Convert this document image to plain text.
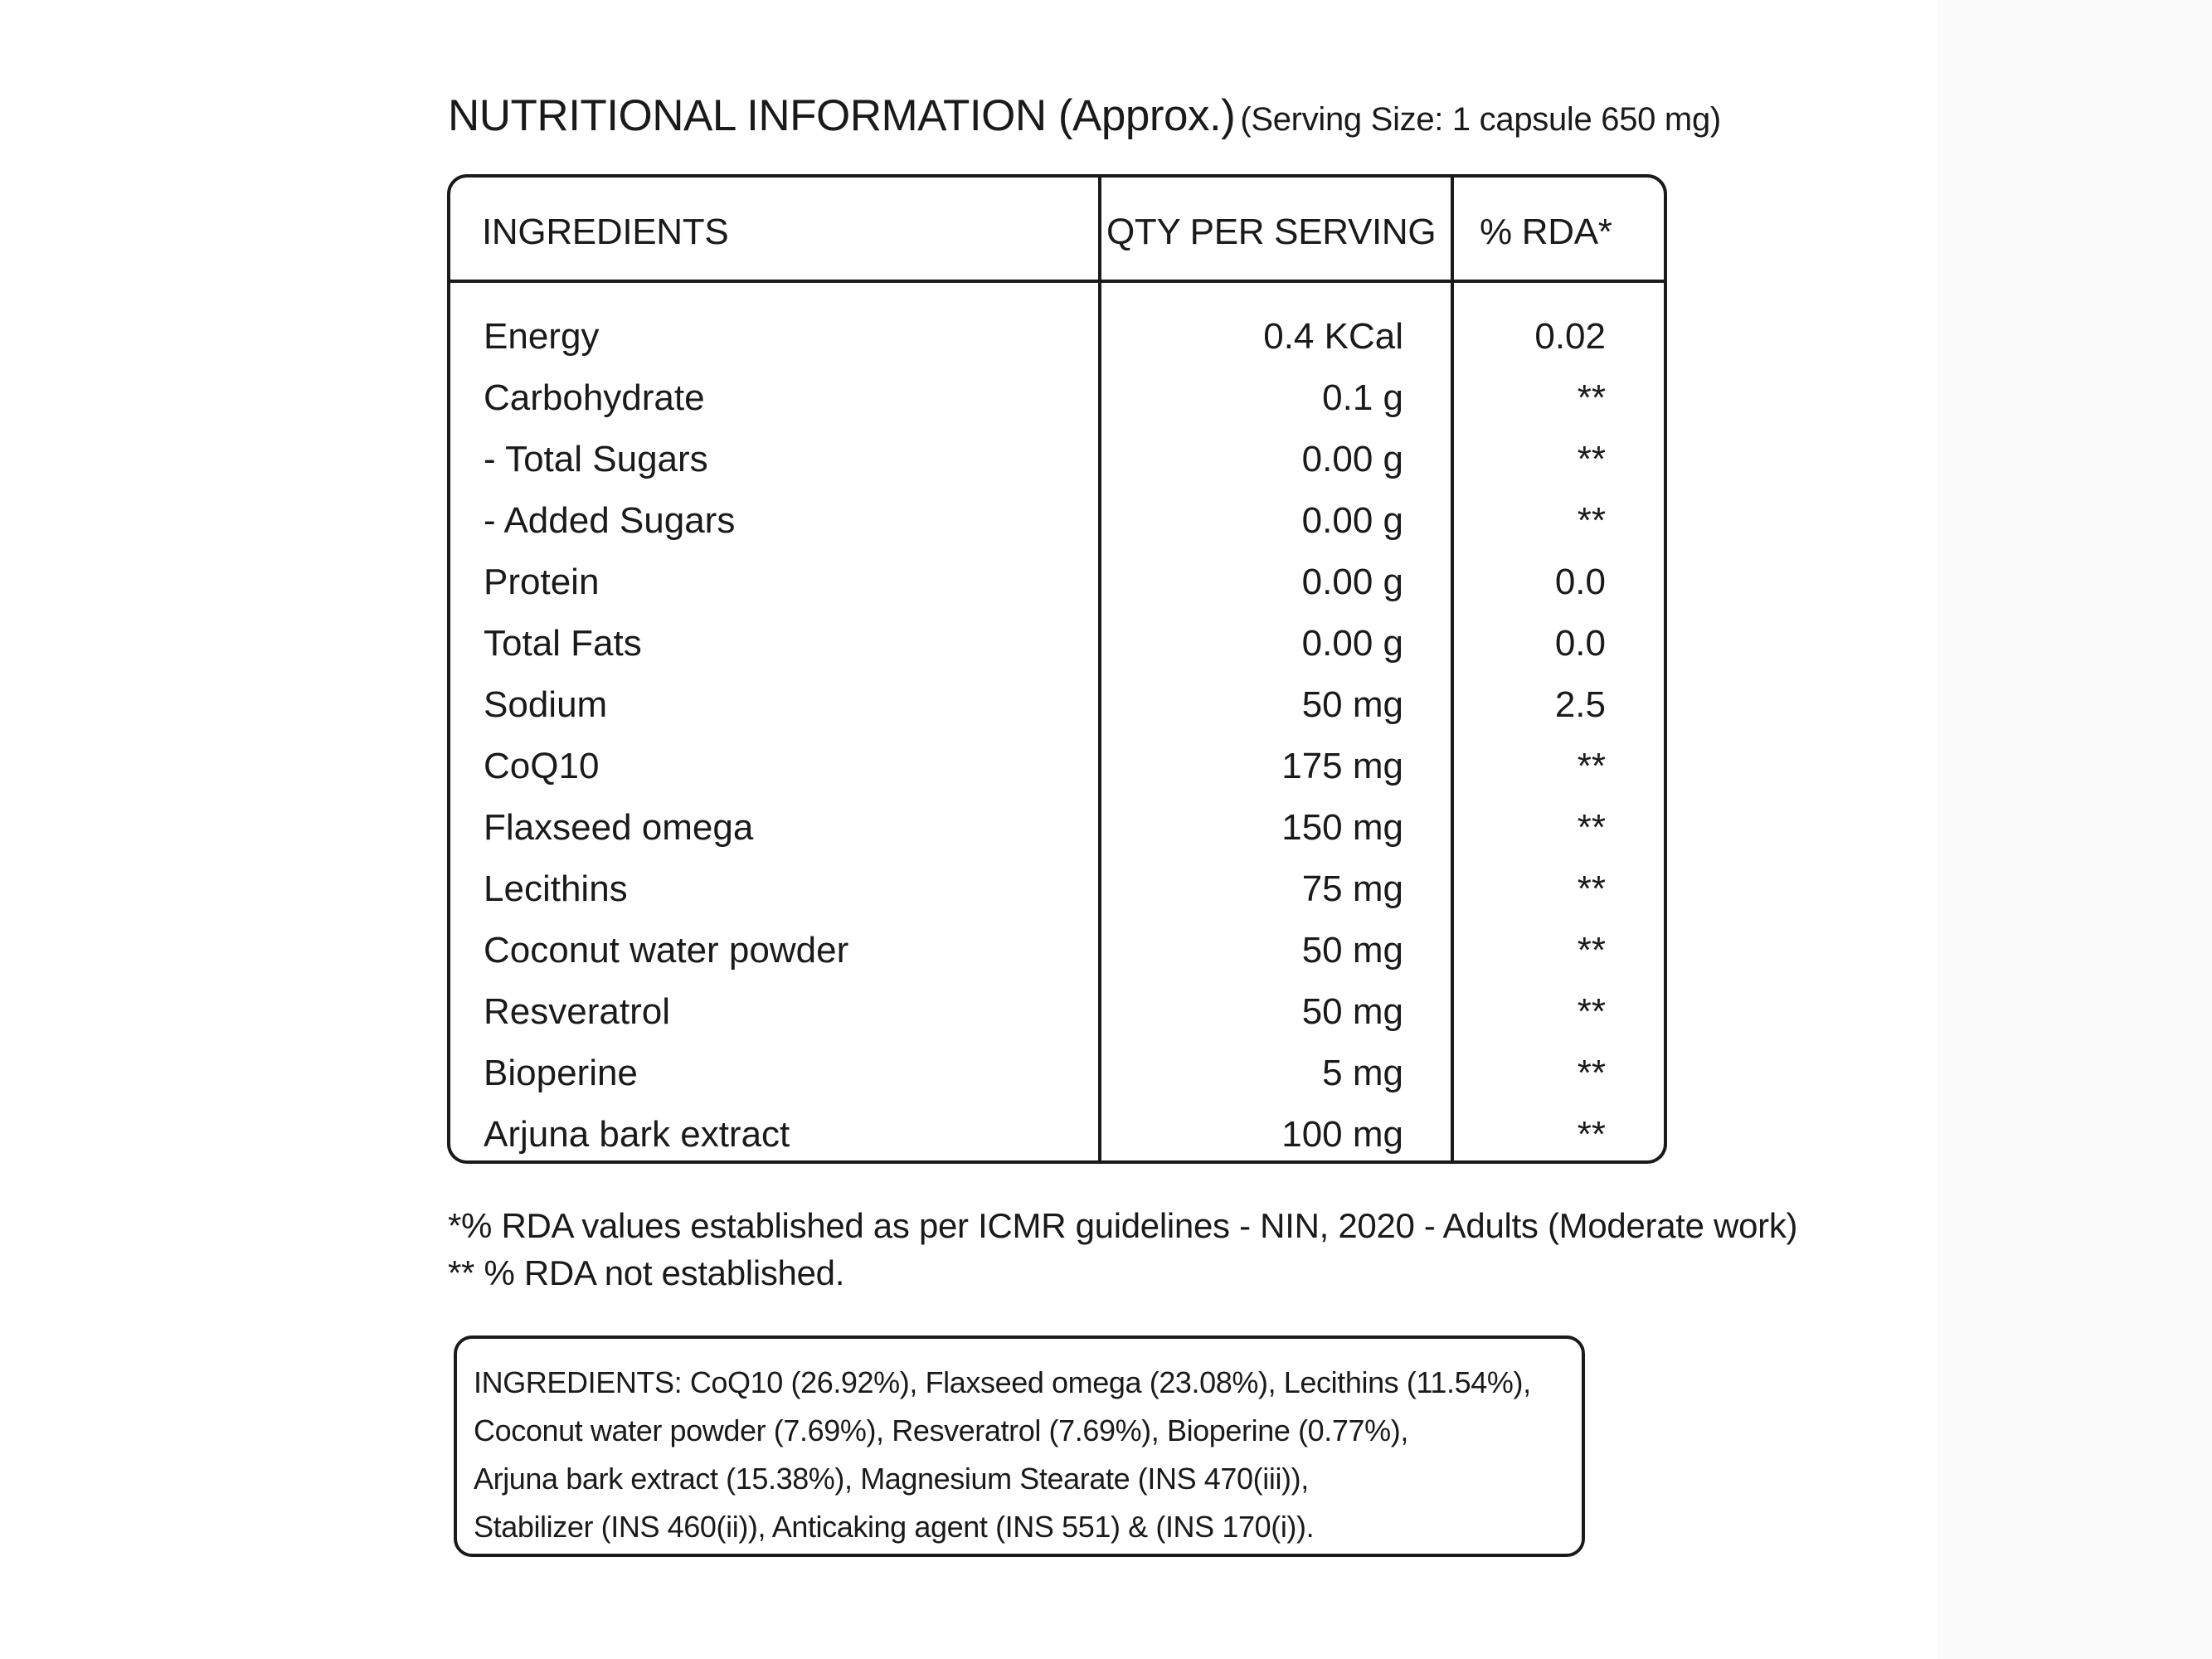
NUTRITIONAL INFORMATION (Approx.) (Serving Size: 1 capsule 650 mg)
INGREDIENTS	QTY PER SERVING % RDA*
Energy	0.4 KCal	0.02
Carbohydrate	0.1 g	**
- Total Sugars	0.00 g	**
- Added Sugars	0.00 g	**
Protein	0.00 g	0.0
Total Fats	0.00 g	0.0
Sodium	50 mg	2.5
CoQ10	175 mg	**
Flaxseed omega	150 mg	**
Lecithins	75 mg	**
Coconut water powder	50 mg	**
Resveratrol	50 mg	**
Bioperine	5 mg	**
Arjuna bark extract	100 mg	**
*% RDA values established as per ICMR guidelines - NIN, 2020 - Adults (Moderate work)
** % RDA not established.
INGREDIENTS: CoQ10 (26.92%), Flaxseed omega (23.08%), Lecithins (11.54%),
Coconut water powder (7.69%), Resveratrol (7.69%), Bioperine (0.77%),
Arjuna bark extract (15.38%), Magnesium Stearate (INS 470(iii)),
Stabilizer (INS 460(ii)), Anticaking agent (INS 551) & (INS 170(i)).
